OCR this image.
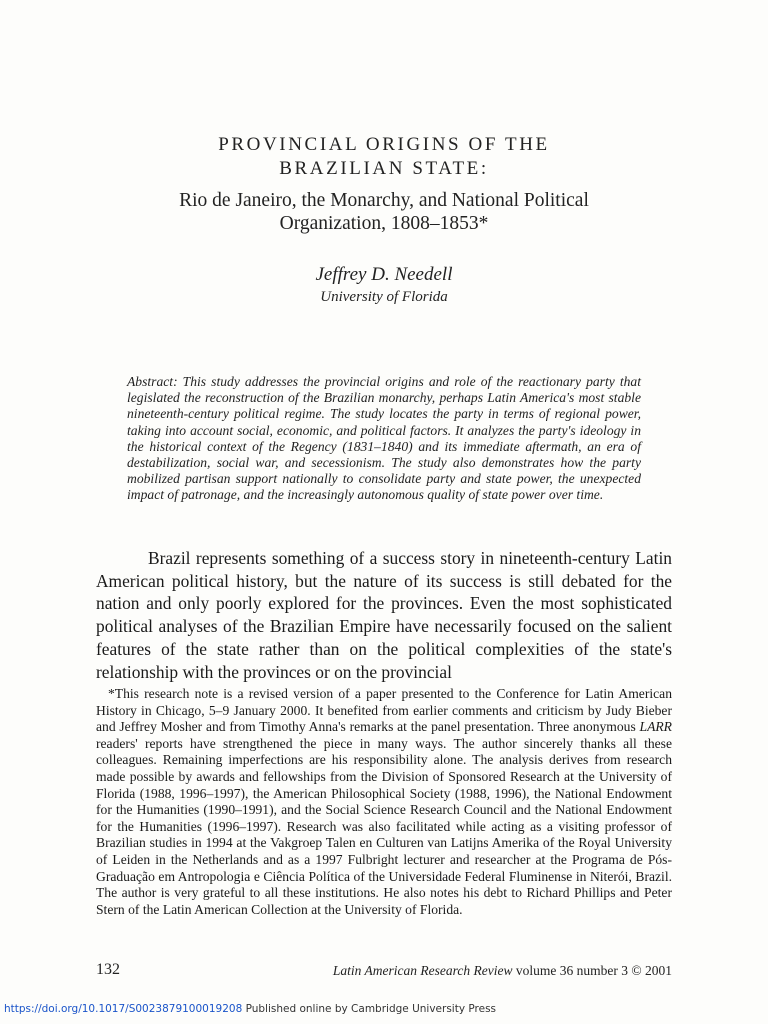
PROVINCIAL ORIGINS OF THE
BRAZILIAN STATE:
Rio de Janeiro, the Monarchy, and National Political
Organization, 1808–1853*
Jeffrey D. Needell
University of Florida
Abstract: This study addresses the provincial origins and role of the reactionary party that legislated the reconstruction of the Brazilian monarchy, perhaps Latin America's most stable nineteenth-century political regime. The study locates the party in terms of regional power, taking into account social, economic, and political factors. It analyzes the party's ideology in the historical context of the Regency (1831–1840) and its immediate aftermath, an era of destabilization, social war, and secessionism. The study also demonstrates how the party mobilized partisan support nationally to consolidate party and state power, the unexpected impact of patronage, and the increasingly autonomous quality of state power over time.
Brazil represents something of a success story in nineteenth-century Latin American political history, but the nature of its success is still debated for the nation and only poorly explored for the provinces. Even the most sophisticated political analyses of the Brazilian Empire have necessarily focused on the salient features of the state rather than on the political complexities of the state's relationship with the provinces or on the provincial
*This research note is a revised version of a paper presented to the Conference for Latin American History in Chicago, 5–9 January 2000. It benefited from earlier comments and criticism by Judy Bieber and Jeffrey Mosher and from Timothy Anna's remarks at the panel presentation. Three anonymous LARR readers' reports have strengthened the piece in many ways. The author sincerely thanks all these colleagues. Remaining imperfections are his responsibility alone. The analysis derives from research made possible by awards and fellowships from the Division of Sponsored Research at the University of Florida (1988, 1996–1997), the American Philosophical Society (1988, 1996), the National Endowment for the Humanities (1990–1991), and the Social Science Research Council and the National Endowment for the Humanities (1996–1997). Research was also facilitated while acting as a visiting professor of Brazilian studies in 1994 at the Vakgroep Talen en Culturen van Latijns Amerika of the Royal University of Leiden in the Netherlands and as a 1997 Fulbright lecturer and researcher at the Programa de Pós-Graduação em Antropologia e Ciência Política of the Universidade Federal Fluminense in Niterói, Brazil. The author is very grateful to all these institutions. He also notes his debt to Richard Phillips and Peter Stern of the Latin American Collection at the University of Florida.
132	Latin American Research Review volume 36 number 3 © 2001
https://doi.org/10.1017/S0023879100019208 Published online by Cambridge University Press
